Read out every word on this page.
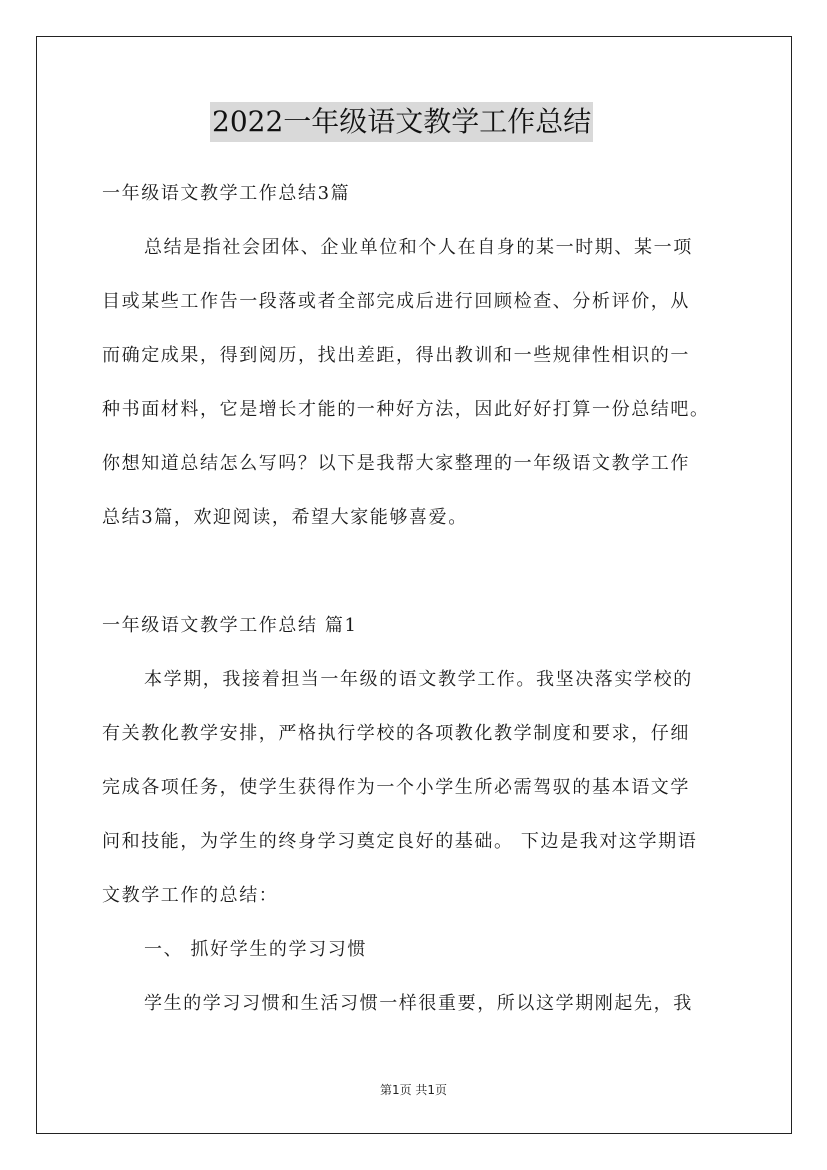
2022一年级语文教学工作总结
一年级语文教学工作总结3篇
总结是指社会团体、企业单位和个人在自身的某一时期、某一项
目或某些工作告一段落或者全部完成后进行回顾检查、分析评价，从
而确定成果，得到阅历，找出差距，得出教训和一些规律性相识的一
种书面材料，它是增长才能的一种好方法，因此好好打算一份总结吧。
你想知道总结怎么写吗？以下是我帮大家整理的一年级语文教学工作
总结3篇，欢迎阅读，希望大家能够喜爱。
一年级语文教学工作总结 篇1
本学期，我接着担当一年级的语文教学工作。我坚决落实学校的
有关教化教学安排，严格执行学校的各项教化教学制度和要求，仔细
完成各项任务，使学生获得作为一个小学生所必需驾驭的基本语文学
问和技能，为学生的终身学习奠定良好的基础。 下边是我对这学期语
文教学工作的总结：
一、 抓好学生的学习习惯
学生的学习习惯和生活习惯一样很重要，所以这学期刚起先，我
第1页 共1页
